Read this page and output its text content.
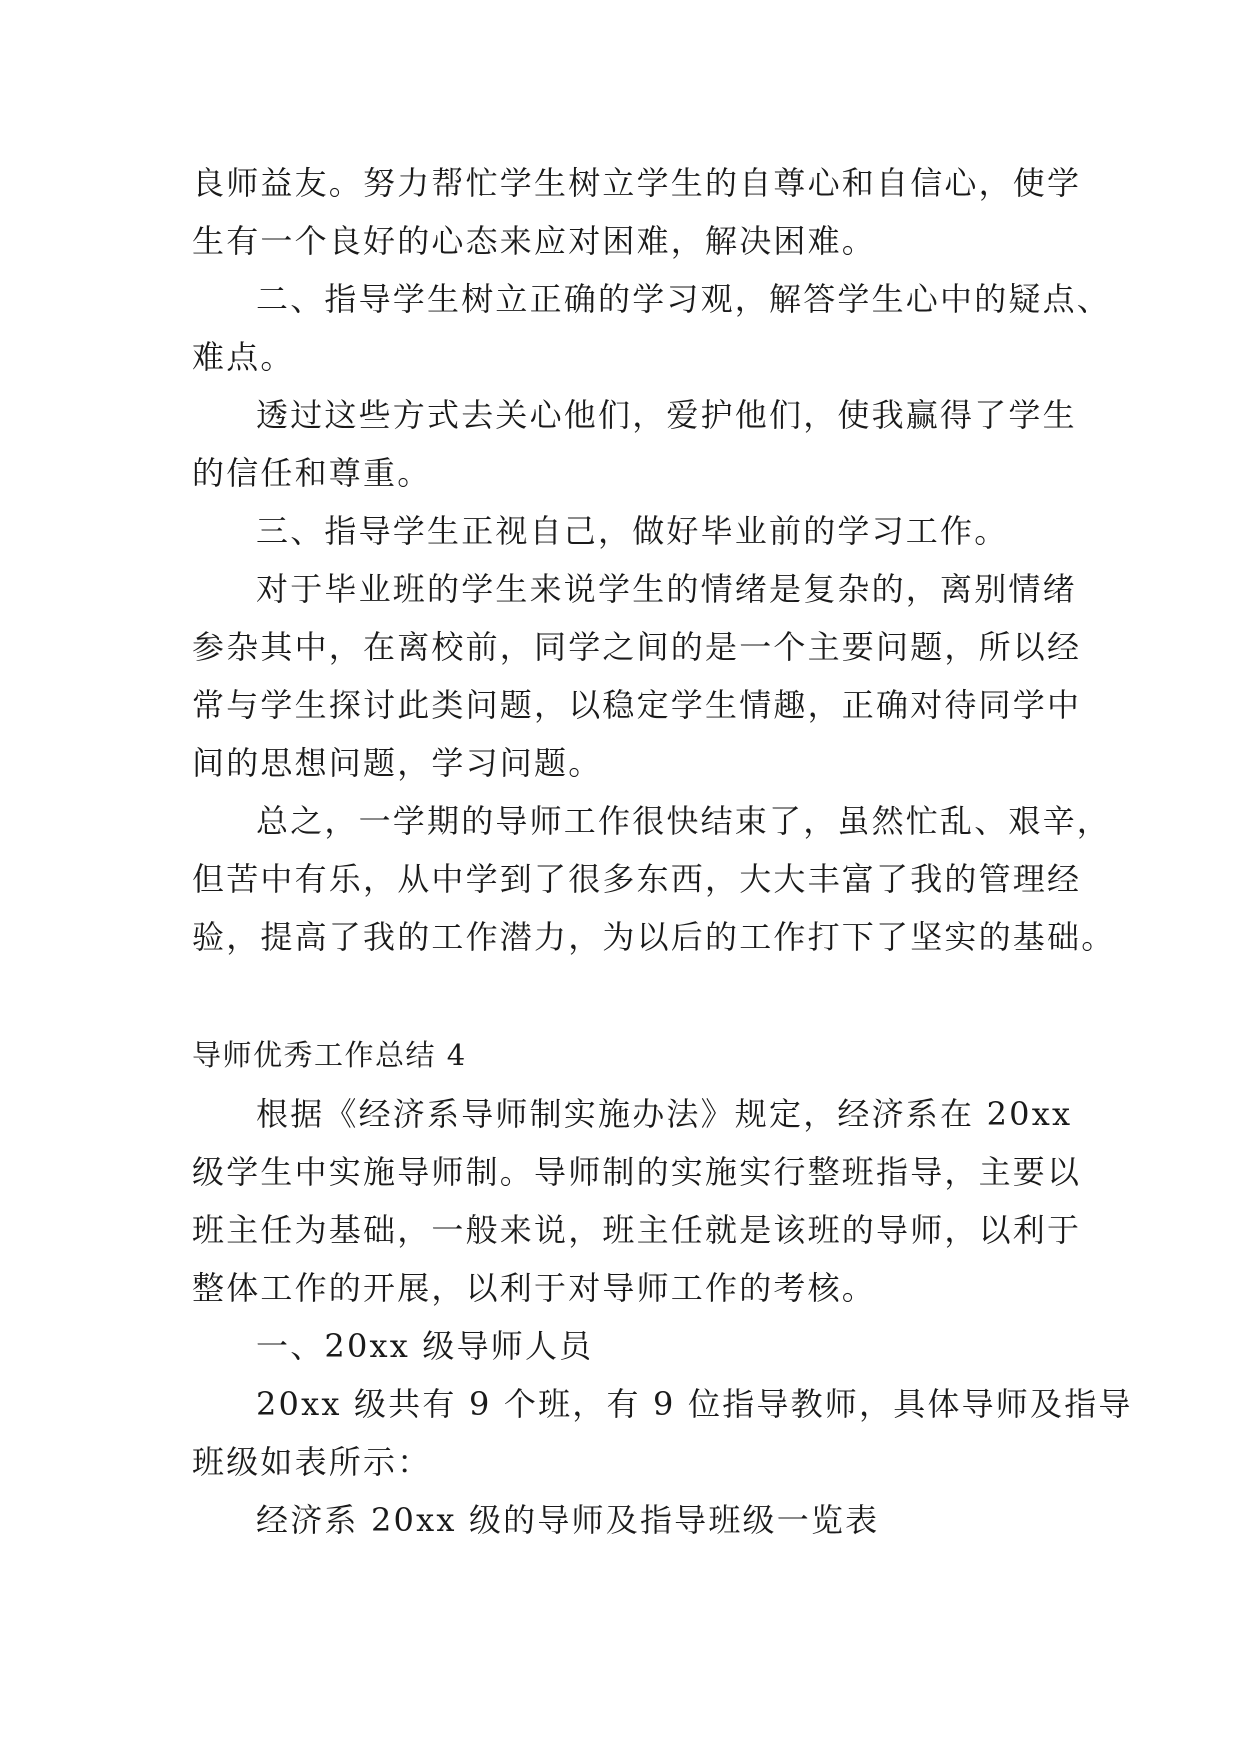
良师益友。努力帮忙学生树立学生的自尊心和自信心，使学
生有一个良好的心态来应对困难，解决困难。
二、指导学生树立正确的学习观，解答学生心中的疑点、
难点。
透过这些方式去关心他们，爱护他们，使我赢得了学生
的信任和尊重。
三、指导学生正视自己，做好毕业前的学习工作。
对于毕业班的学生来说学生的情绪是复杂的，离别情绪
参杂其中，在离校前，同学之间的是一个主要问题，所以经
常与学生探讨此类问题，以稳定学生情趣，正确对待同学中
间的思想问题，学习问题。
总之，一学期的导师工作很快结束了，虽然忙乱、艰辛，
但苦中有乐，从中学到了很多东西，大大丰富了我的管理经
验，提高了我的工作潜力，为以后的工作打下了坚实的基础。
导师优秀工作总结 4
根据《经济系导师制实施办法》规定，经济系在 20xx
级学生中实施导师制。导师制的实施实行整班指导，主要以
班主任为基础，一般来说，班主任就是该班的导师，以利于
整体工作的开展，以利于对导师工作的考核。
一、20xx 级导师人员
20xx 级共有 9 个班，有 9 位指导教师，具体导师及指导
班级如表所示：
经济系 20xx 级的导师及指导班级一览表
